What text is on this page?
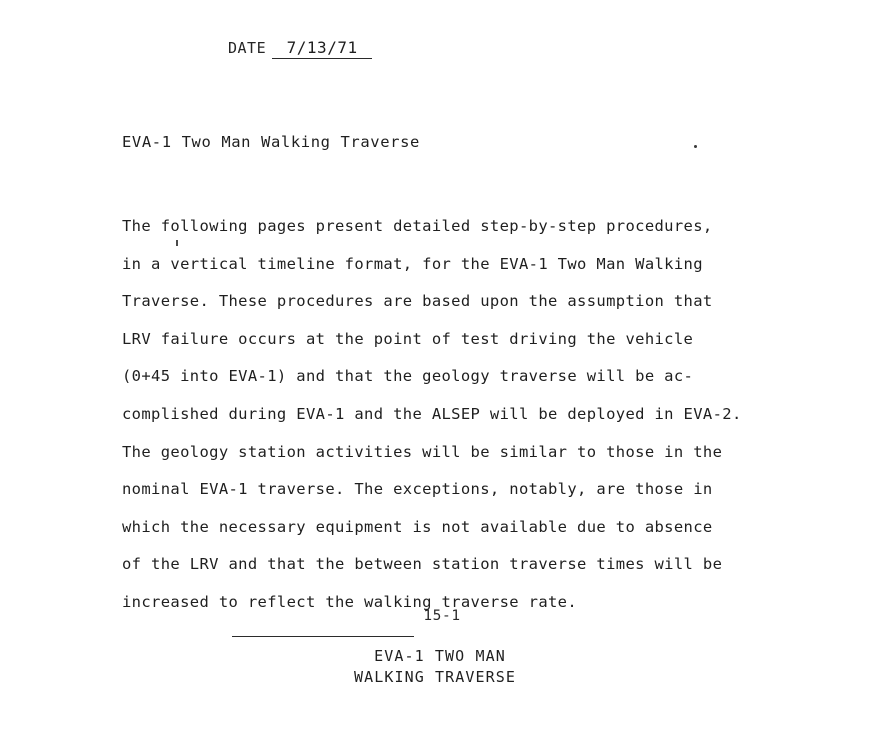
DATE	7/13/71
EVA-1 Two Man Walking Traverse
The following pages present detailed step-by-step procedures,
in a vertical timeline format, for the EVA-1 Two Man Walking
Traverse. These procedures are based upon the assumption that
LRV failure occurs at the point of test driving the vehicle
(0+45 into EVA-1) and that the geology traverse will be ac-
complished during EVA-1 and the ALSEP will be deployed in EVA-2.
The geology station activities will be similar to those in the
nominal EVA-1 traverse. The exceptions, notably, are those in
which the necessary equipment is not available due to absence
of the LRV and that the between station traverse times will be
increased to reflect the walking traverse rate.
15-1
EVA-1 TWO MAN
WALKING TRAVERSE
